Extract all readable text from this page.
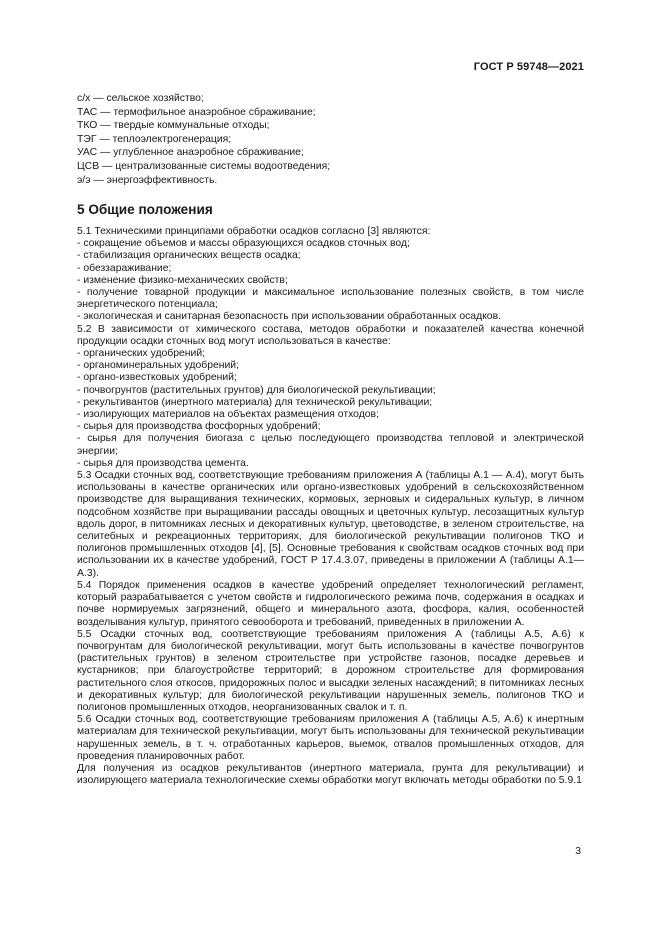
ГОСТ Р 59748—2021
с/х — сельское хозяйство;
ТАС — термофильное анаэробное сбраживание;
ТКО — твердые коммунальные отходы;
ТЭГ — теплоэлектрогенерация;
УАС — углубленное анаэробное сбраживание;
ЦСВ — централизованные системы водоотведения;
э/э — энергоэффективность.
5 Общие положения

5.1 Техническими принципами обработки осадков согласно [3] являются:

- сокращение объемов и массы образующихся осадков сточных вод;

- стабилизация органических веществ осадка;

- обеззараживание;

- изменение физико-механических свойств;

- получение товарной продукции и максимальное использование полезных свойств, в том числе энергетического потенциала;

- экологическая и санитарная безопасность при использовании обработанных осадков.

5.2 В зависимости от химического состава, методов обработки и показателей качества конечной продукции осадки сточных вод могут использоваться в качестве:

- органических удобрений;

- органоминеральных удобрений;

- органо-известковых удобрений;

- почвогрунтов (растительных грунтов) для биологической рекультивации;

- рекультивантов (инертного материала) для технической рекультивации;

- изолирующих материалов на объектах размещения отходов;

- сырья для производства фосфорных удобрений;

- сырья для получения биогаза с целью последующего производства тепловой и электрической энергии;

- сырья для производства цемента.

5.3 Осадки сточных вод, соответствующие требованиям приложения А (таблицы А.1 — А.4), могут быть использованы в качестве органических или органо-известковых удобрений в сельскохозяйственном производстве для выращивания технических, кормовых, зерновых и сидеральных культур, в личном подсобном хозяйстве при выращивании рассады овощных и цветочных культур, лесозащитных культур вдоль дорог, в питомниках лесных и декоративных культур, цветоводстве, в зеленом строительстве, на селитебных и рекреационных территориях, для биологической рекультивации полигонов ТКО и полигонов промышленных отходов [4], [5]. Основные требования к свойствам осадков сточных вод при использовании их в качестве удобрений, ГОСТ Р 17.4.3.07, приведены в приложении А (таблицы А.1—А.3).

5.4 Порядок применения осадков в качестве удобрений определяет технологический регламент, который разрабатывается с учетом свойств и гидрологического режима почв, содержания в осадках и почве нормируемых загрязнений, общего и минерального азота, фосфора, калия, особенностей возделывания культур, принятого севооборота и требований, приведенных в приложении А.

5.5 Осадки сточных вод, соответствующие требованиям приложения А (таблицы А.5, А.6) к почвогрунтам для биологической рекультивации, могут быть использованы в качестве почвогрунтов (растительных грунтов) в зеленом строительстве при устройстве газонов, посадке деревьев и кустарников; при благоустройстве территорий; в дорожном строительстве для формирования растительного слоя откосов, придорожных полос и высадки зеленых насаждений; в питомниках лесных и декоративных культур; для биологической рекультивации нарушенных земель, полигонов ТКО и полигонов промышленных отходов, неорганизованных свалок и т. п.

5.6 Осадки сточных вод, соответствующие требованиям приложения А (таблицы А.5, А.6) к инертным материалам для технической рекультивации, могут быть использованы для технической рекультивации нарушенных земель, в т. ч. отработанных карьеров, выемок, отвалов промышленных отходов, для проведения планировочных работ.

Для получения из осадков рекультивантов (инертного материала, грунта для рекультивации) и изолирующего материала технологические схемы обработки могут включать методы обработки по 5.9.1

3
